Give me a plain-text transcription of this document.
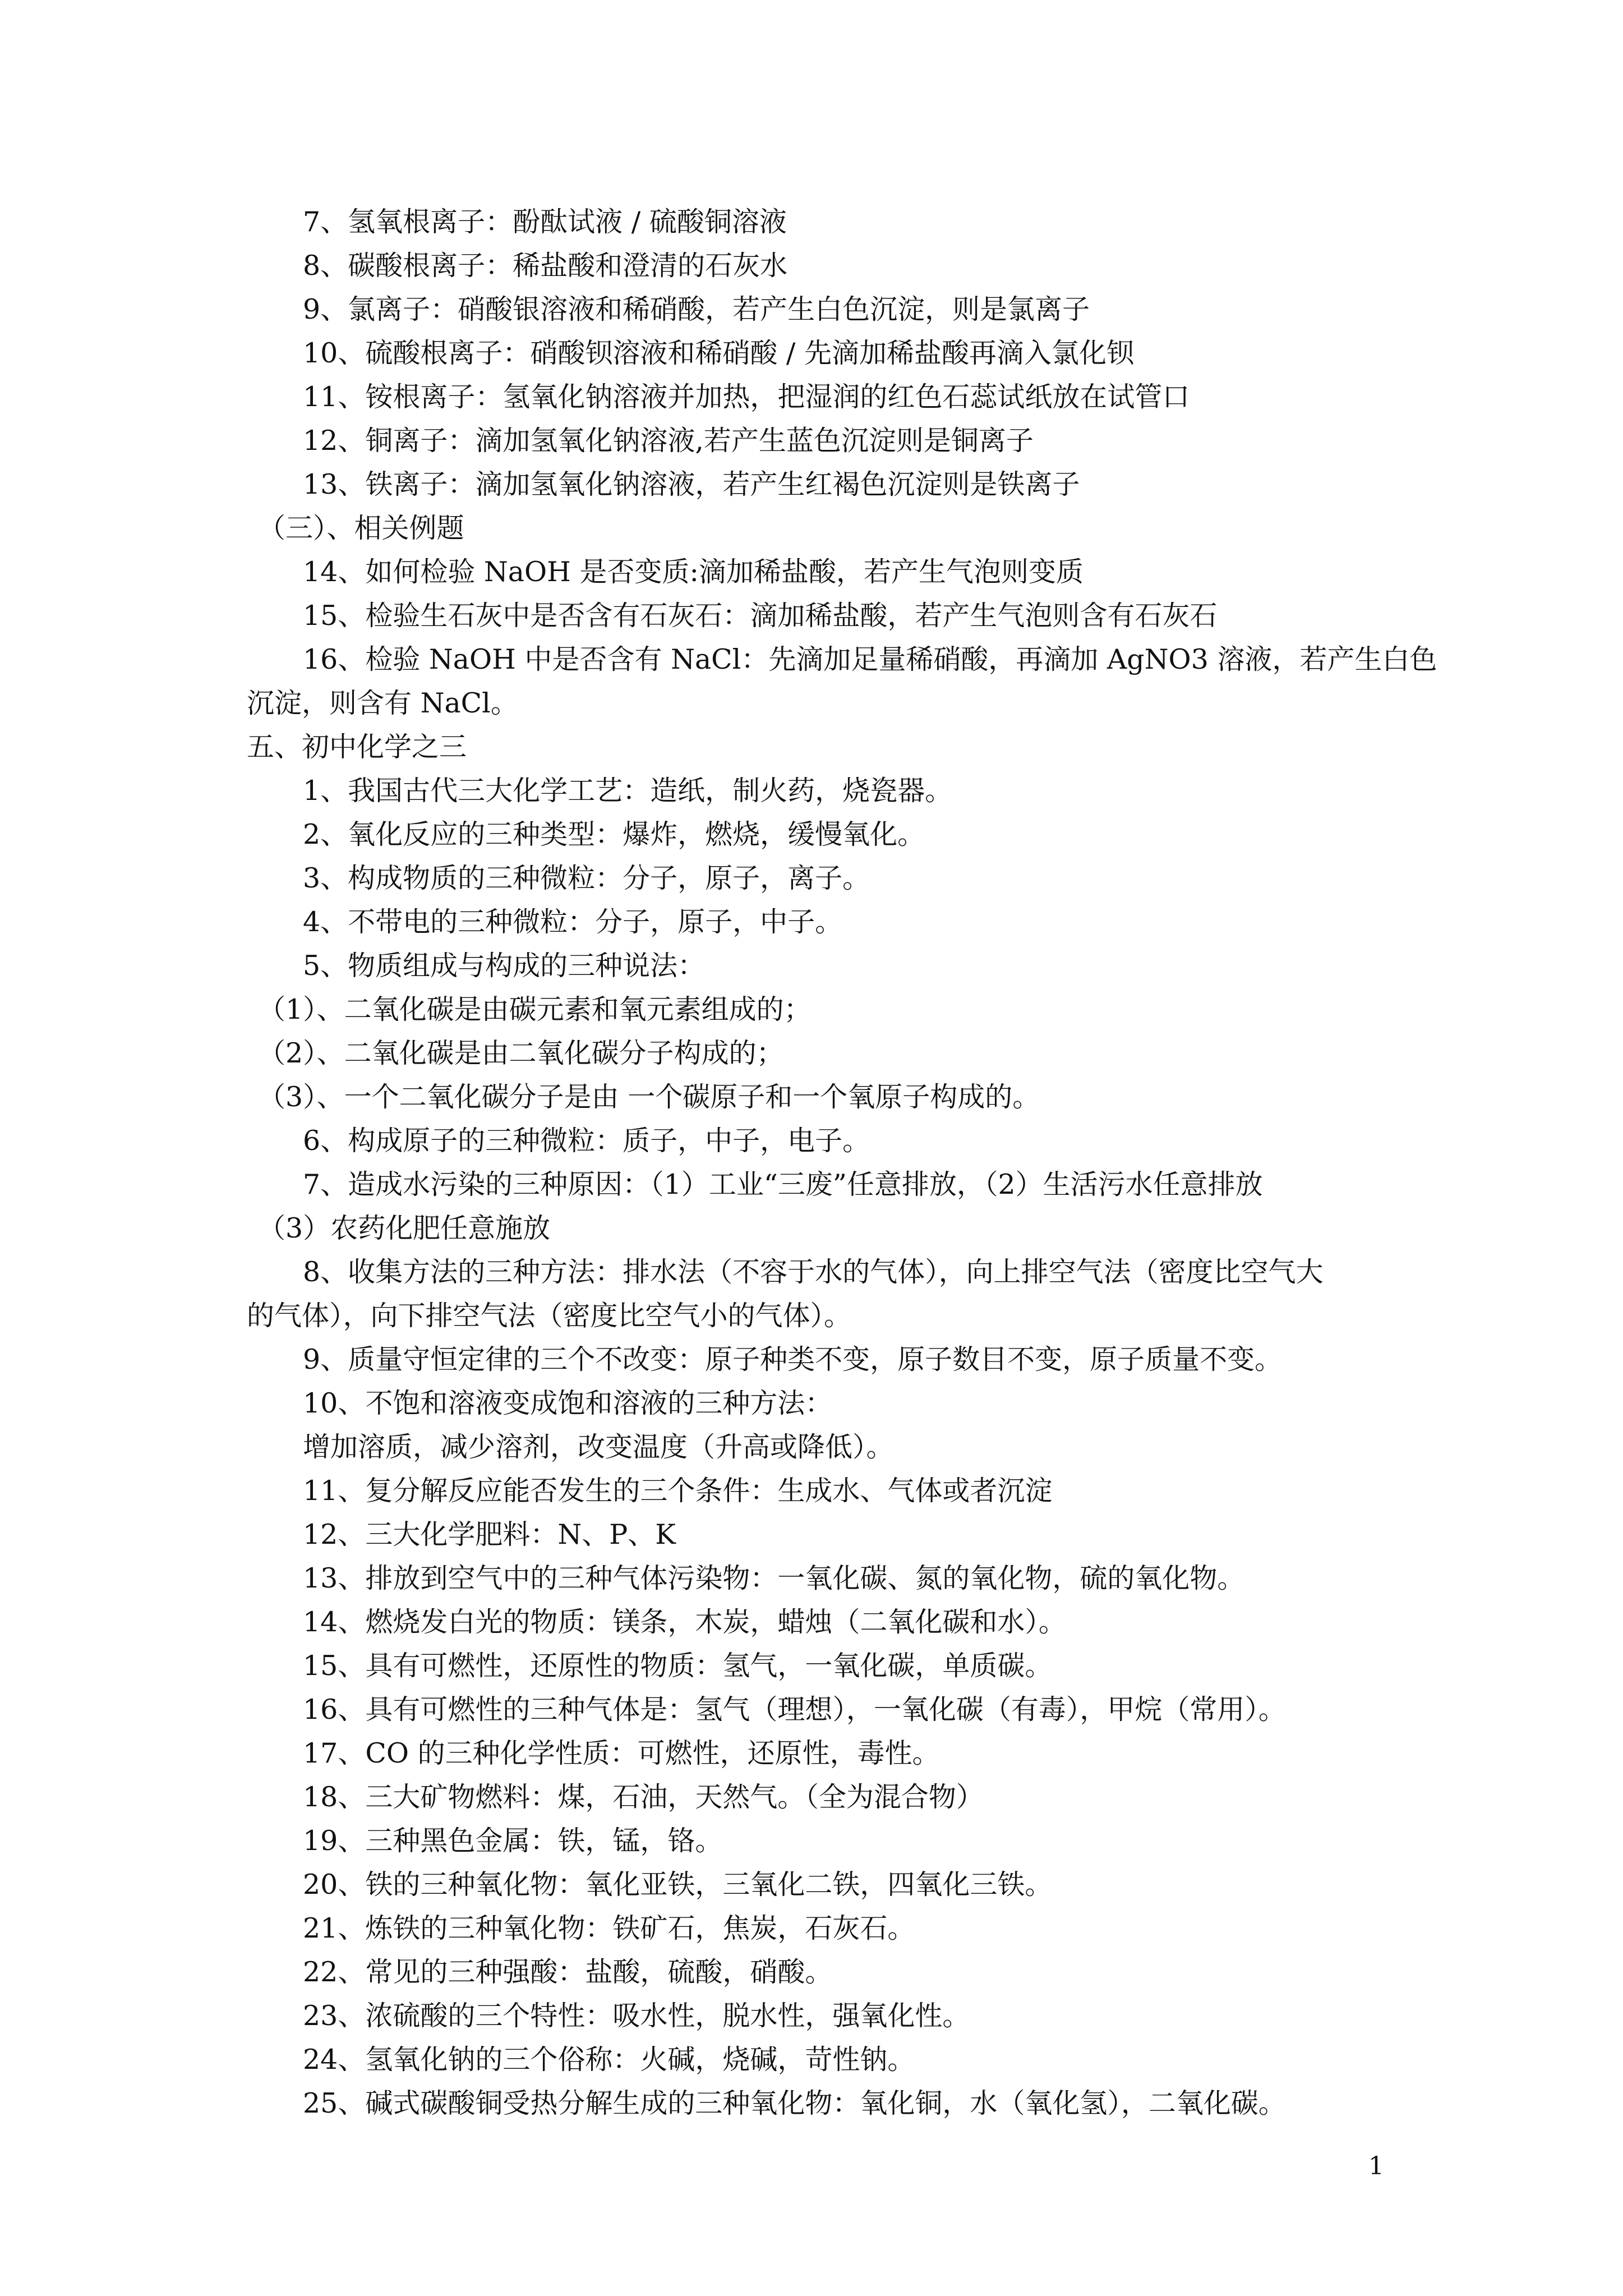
7、氢氧根离子：酚酞试液 / 硫酸铜溶液

8、碳酸根离子：稀盐酸和澄清的石灰水

9、氯离子：硝酸银溶液和稀硝酸，若产生白色沉淀，则是氯离子

10、硫酸根离子：硝酸钡溶液和稀硝酸 / 先滴加稀盐酸再滴入氯化钡

11、铵根离子：氢氧化钠溶液并加热，把湿润的红色石蕊试纸放在试管口

12、铜离子：滴加氢氧化钠溶液,若产生蓝色沉淀则是铜离子

13、铁离子：滴加氢氧化钠溶液，若产生红褐色沉淀则是铁离子

（三）、相关例题

14、如何检验 NaOH 是否变质:滴加稀盐酸，若产生气泡则变质

15、检验生石灰中是否含有石灰石：滴加稀盐酸，若产生气泡则含有石灰石

16、检验 NaOH 中是否含有 NaCl：先滴加足量稀硝酸，再滴加 AgNO3 溶液，若产生白色

沉淀，则含有 NaCl。

五、初中化学之三

1、我国古代三大化学工艺：造纸，制火药，烧瓷器。

2、氧化反应的三种类型：爆炸，燃烧，缓慢氧化。

3、构成物质的三种微粒：分子，原子，离子。

4、不带电的三种微粒：分子，原子，中子。

5、物质组成与构成的三种说法：

（1）、二氧化碳是由碳元素和氧元素组成的；

（2）、二氧化碳是由二氧化碳分子构成的；

（3）、一个二氧化碳分子是由 一个碳原子和一个氧原子构成的。

6、构成原子的三种微粒：质子，中子，电子。

7、造成水污染的三种原因：（1）工业“三废”任意排放，（2）生活污水任意排放

（3）农药化肥任意施放

8、收集方法的三种方法：排水法（不容于水的气体），向上排空气法（密度比空气大

的气体），向下排空气法（密度比空气小的气体）。

9、质量守恒定律的三个不改变：原子种类不变，原子数目不变，原子质量不变。

10、不饱和溶液变成饱和溶液的三种方法：

增加溶质，减少溶剂，改变温度（升高或降低）。

11、复分解反应能否发生的三个条件：生成水、气体或者沉淀

12、三大化学肥料：N、P、K

13、排放到空气中的三种气体污染物：一氧化碳、氮的氧化物，硫的氧化物。

14、燃烧发白光的物质：镁条，木炭，蜡烛（二氧化碳和水）。

15、具有可燃性，还原性的物质：氢气，一氧化碳，单质碳。

16、具有可燃性的三种气体是：氢气（理想），一氧化碳（有毒），甲烷（常用）。

17、CO 的三种化学性质：可燃性，还原性，毒性。

18、三大矿物燃料：煤，石油，天然气。（全为混合物）

19、三种黑色金属：铁，锰，铬。

20、铁的三种氧化物：氧化亚铁，三氧化二铁，四氧化三铁。

21、炼铁的三种氧化物：铁矿石，焦炭，石灰石。

22、常见的三种强酸：盐酸，硫酸，硝酸。

23、浓硫酸的三个特性：吸水性，脱水性，强氧化性。

24、氢氧化钠的三个俗称：火碱，烧碱，苛性钠。

25、碱式碳酸铜受热分解生成的三种氧化物：氧化铜，水（氧化氢），二氧化碳。

1
